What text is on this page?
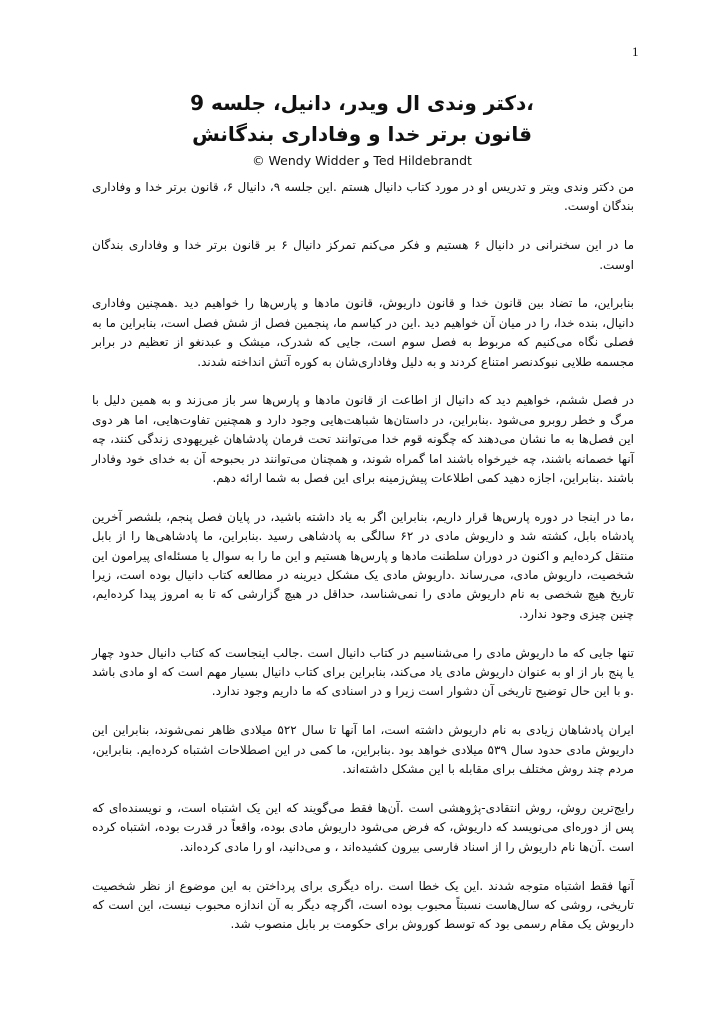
1

،دکتر وندی ال ویدر، دانیل، جلسه 9

قانون برتر خدا و وفاداری بندگانش

© Wendy Widder و Ted Hildebrandt

من دکتر وندی ویتر و تدریس او در مورد کتاب دانیال هستم .این جلسه ۹، دانیال ۶، قانون برتر خدا و وفاداری بندگان اوست.

ما در این سخنرانی در دانیال ۶ هستیم و فکر می‌کنم تمرکز دانیال ۶ بر قانون برتر خدا و وفاداری بندگان اوست.

بنابراین، ما تضاد بین قانون خدا و قانون داریوش، قانون مادها و پارس‌ها را خواهیم دید .همچنین وفاداری دانیال، بنده خدا، را در میان آن خواهیم دید .این در کیاسم ما، پنجمین فصل از شش فصل است، بنابراین ما به فصلی نگاه می‌کنیم که مربوط به فصل سوم است، جایی که شدرک، میشک و عبدنغو از تعظیم در برابر مجسمه طلایی نبوکدنصر امتناع کردند و به دلیل وفاداری‌شان به کوره آتش انداخته شدند.

در فصل ششم، خواهیم دید که دانیال از اطاعت از قانون مادها و پارس‌ها سر باز می‌زند و به همین دلیل با مرگ و خطر روبرو می‌شود .بنابراین، در داستان‌ها شباهت‌هایی وجود دارد و همچنین تفاوت‌هایی، اما هر دوی این فصل‌ها به ما نشان می‌دهند که چگونه قوم خدا می‌توانند تحت فرمان پادشاهان غیریهودی زندگی کنند، چه آنها خصمانه باشند، چه خیرخواه باشند اما گمراه شوند، و همچنان می‌توانند در بحبوحه آن به خدای خود وفادار باشند .بنابراین، اجازه دهید کمی اطلاعات پیش‌زمینه برای این فصل به شما ارائه دهم.

،ما در اینجا در دوره پارس‌ها قرار داریم، بنابراین اگر به یاد داشته باشید، در پایان فصل پنجم، بلشصر آخرین پادشاه بابل، کشته شد و داریوش مادی در ۶۲ سالگی به پادشاهی رسید .بنابراین، ما پادشاهی‌ها را از بابل منتقل کرده‌ایم و اکنون در دوران سلطنت مادها و پارس‌ها هستیم و این ما را به سوال یا مسئله‌ای پیرامون این شخصیت، داریوش مادی، می‌رساند .داریوش مادی یک مشکل دیرینه در مطالعه کتاب دانیال بوده است، زیرا تاریخ هیچ شخصی به نام داریوش مادی را نمی‌شناسد، حداقل در هیچ گزارشی که تا به امروز پیدا کرده‌ایم، چنین چیزی وجود ندارد.

تنها جایی که ما داریوش مادی را می‌شناسیم در کتاب دانیال است .جالب اینجاست که کتاب دانیال حدود چهار یا پنج بار از او به عنوان داریوش مادی یاد می‌کند، بنابراین برای کتاب دانیال بسیار مهم است که او مادی باشد .و با این حال توضیح تاریخی آن دشوار است زیرا و در اسنادی که ما داریم وجود ندارد.

ایران پادشاهان زیادی به نام داریوش داشته است، اما آنها تا سال ۵۲۲ میلادی ظاهر نمی‌شوند، بنابراین این داریوش مادی حدود سال ۵۳۹ میلادی خواهد بود .بنابراین، ما کمی در این اصطلاحات اشتباه کرده‌ایم. بنابراین، مردم چند روش مختلف برای مقابله با این مشکل داشته‌اند.

رایج‌ترین روش، روش انتقادی-پژوهشی است .آن‌ها فقط می‌گویند که این یک اشتباه است، و نویسنده‌ای که پس از دوره‌ای می‌نویسد که داریوش، که فرض می‌شود داریوش مادی بوده، واقعاً در قدرت بوده، اشتباه کرده است .آن‌ها نام داریوش را از اسناد فارسی بیرون کشیده‌اند ، و می‌دانید، او را مادی کرده‌اند.

آنها فقط اشتباه متوجه شدند .این یک خطا است .راه دیگری برای پرداختن به این موضوع از نظر شخصیت تاریخی، روشی که سال‌هاست نسبتاً محبوب بوده است، اگرچه دیگر به آن اندازه محبوب نیست، این است که داریوش یک مقام رسمی بود که توسط کوروش برای حکومت بر بابل منصوب شد.
